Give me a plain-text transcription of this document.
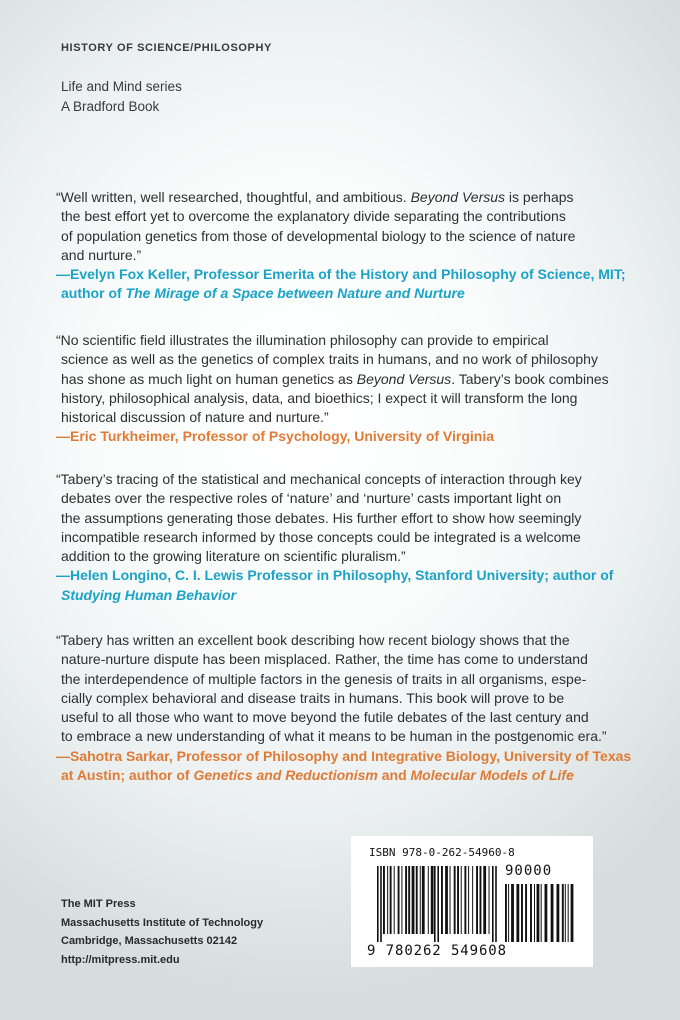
HISTORY OF SCIENCE/PHILOSOPHY
Life and Mind series
A Bradford Book
“Well written, well researched, thoughtful, and ambitious. Beyond Versus is perhaps
the best effort yet to overcome the explanatory divide separating the contributions
of population genetics from those of developmental biology to the science of nature
and nurture.”
—Evelyn Fox Keller, Professor Emerita of the History and Philosophy of Science, MIT;
author of The Mirage of a Space between Nature and Nurture
“No scientific field illustrates the illumination philosophy can provide to empirical
science as well as the genetics of complex traits in humans, and no work of philosophy
has shone as much light on human genetics as Beyond Versus. Tabery’s book combines
history, philosophical analysis, data, and bioethics; I expect it will transform the long
historical discussion of nature and nurture.”
—Eric Turkheimer, Professor of Psychology, University of Virginia
“Tabery’s tracing of the statistical and mechanical concepts of interaction through key
debates over the respective roles of ‘nature’ and ‘nurture’ casts important light on
the assumptions generating those debates. His further effort to show how seemingly
incompatible research informed by those concepts could be integrated is a welcome
addition to the growing literature on scientific pluralism.”
—Helen Longino, C. I. Lewis Professor in Philosophy, Stanford University; author of
Studying Human Behavior
“Tabery has written an excellent book describing how recent biology shows that the
nature-nurture dispute has been misplaced. Rather, the time has come to understand
the interdependence of multiple factors in the genesis of traits in all organisms, espe-
cially complex behavioral and disease traits in humans. This book will prove to be
useful to all those who want to move beyond the futile debates of the last century and
to embrace a new understanding of what it means to be human in the postgenomic era.”
—Sahotra Sarkar, Professor of Philosophy and Integrative Biology, University of Texas
at Austin; author of Genetics and Reductionism and Molecular Models of Life
The MIT Press
Massachusetts Institute of Technology
Cambridge, Massachusetts 02142
http://mitpress.mit.edu
ISBN 978-0-262-54960-8
90000
9 780262 549608
